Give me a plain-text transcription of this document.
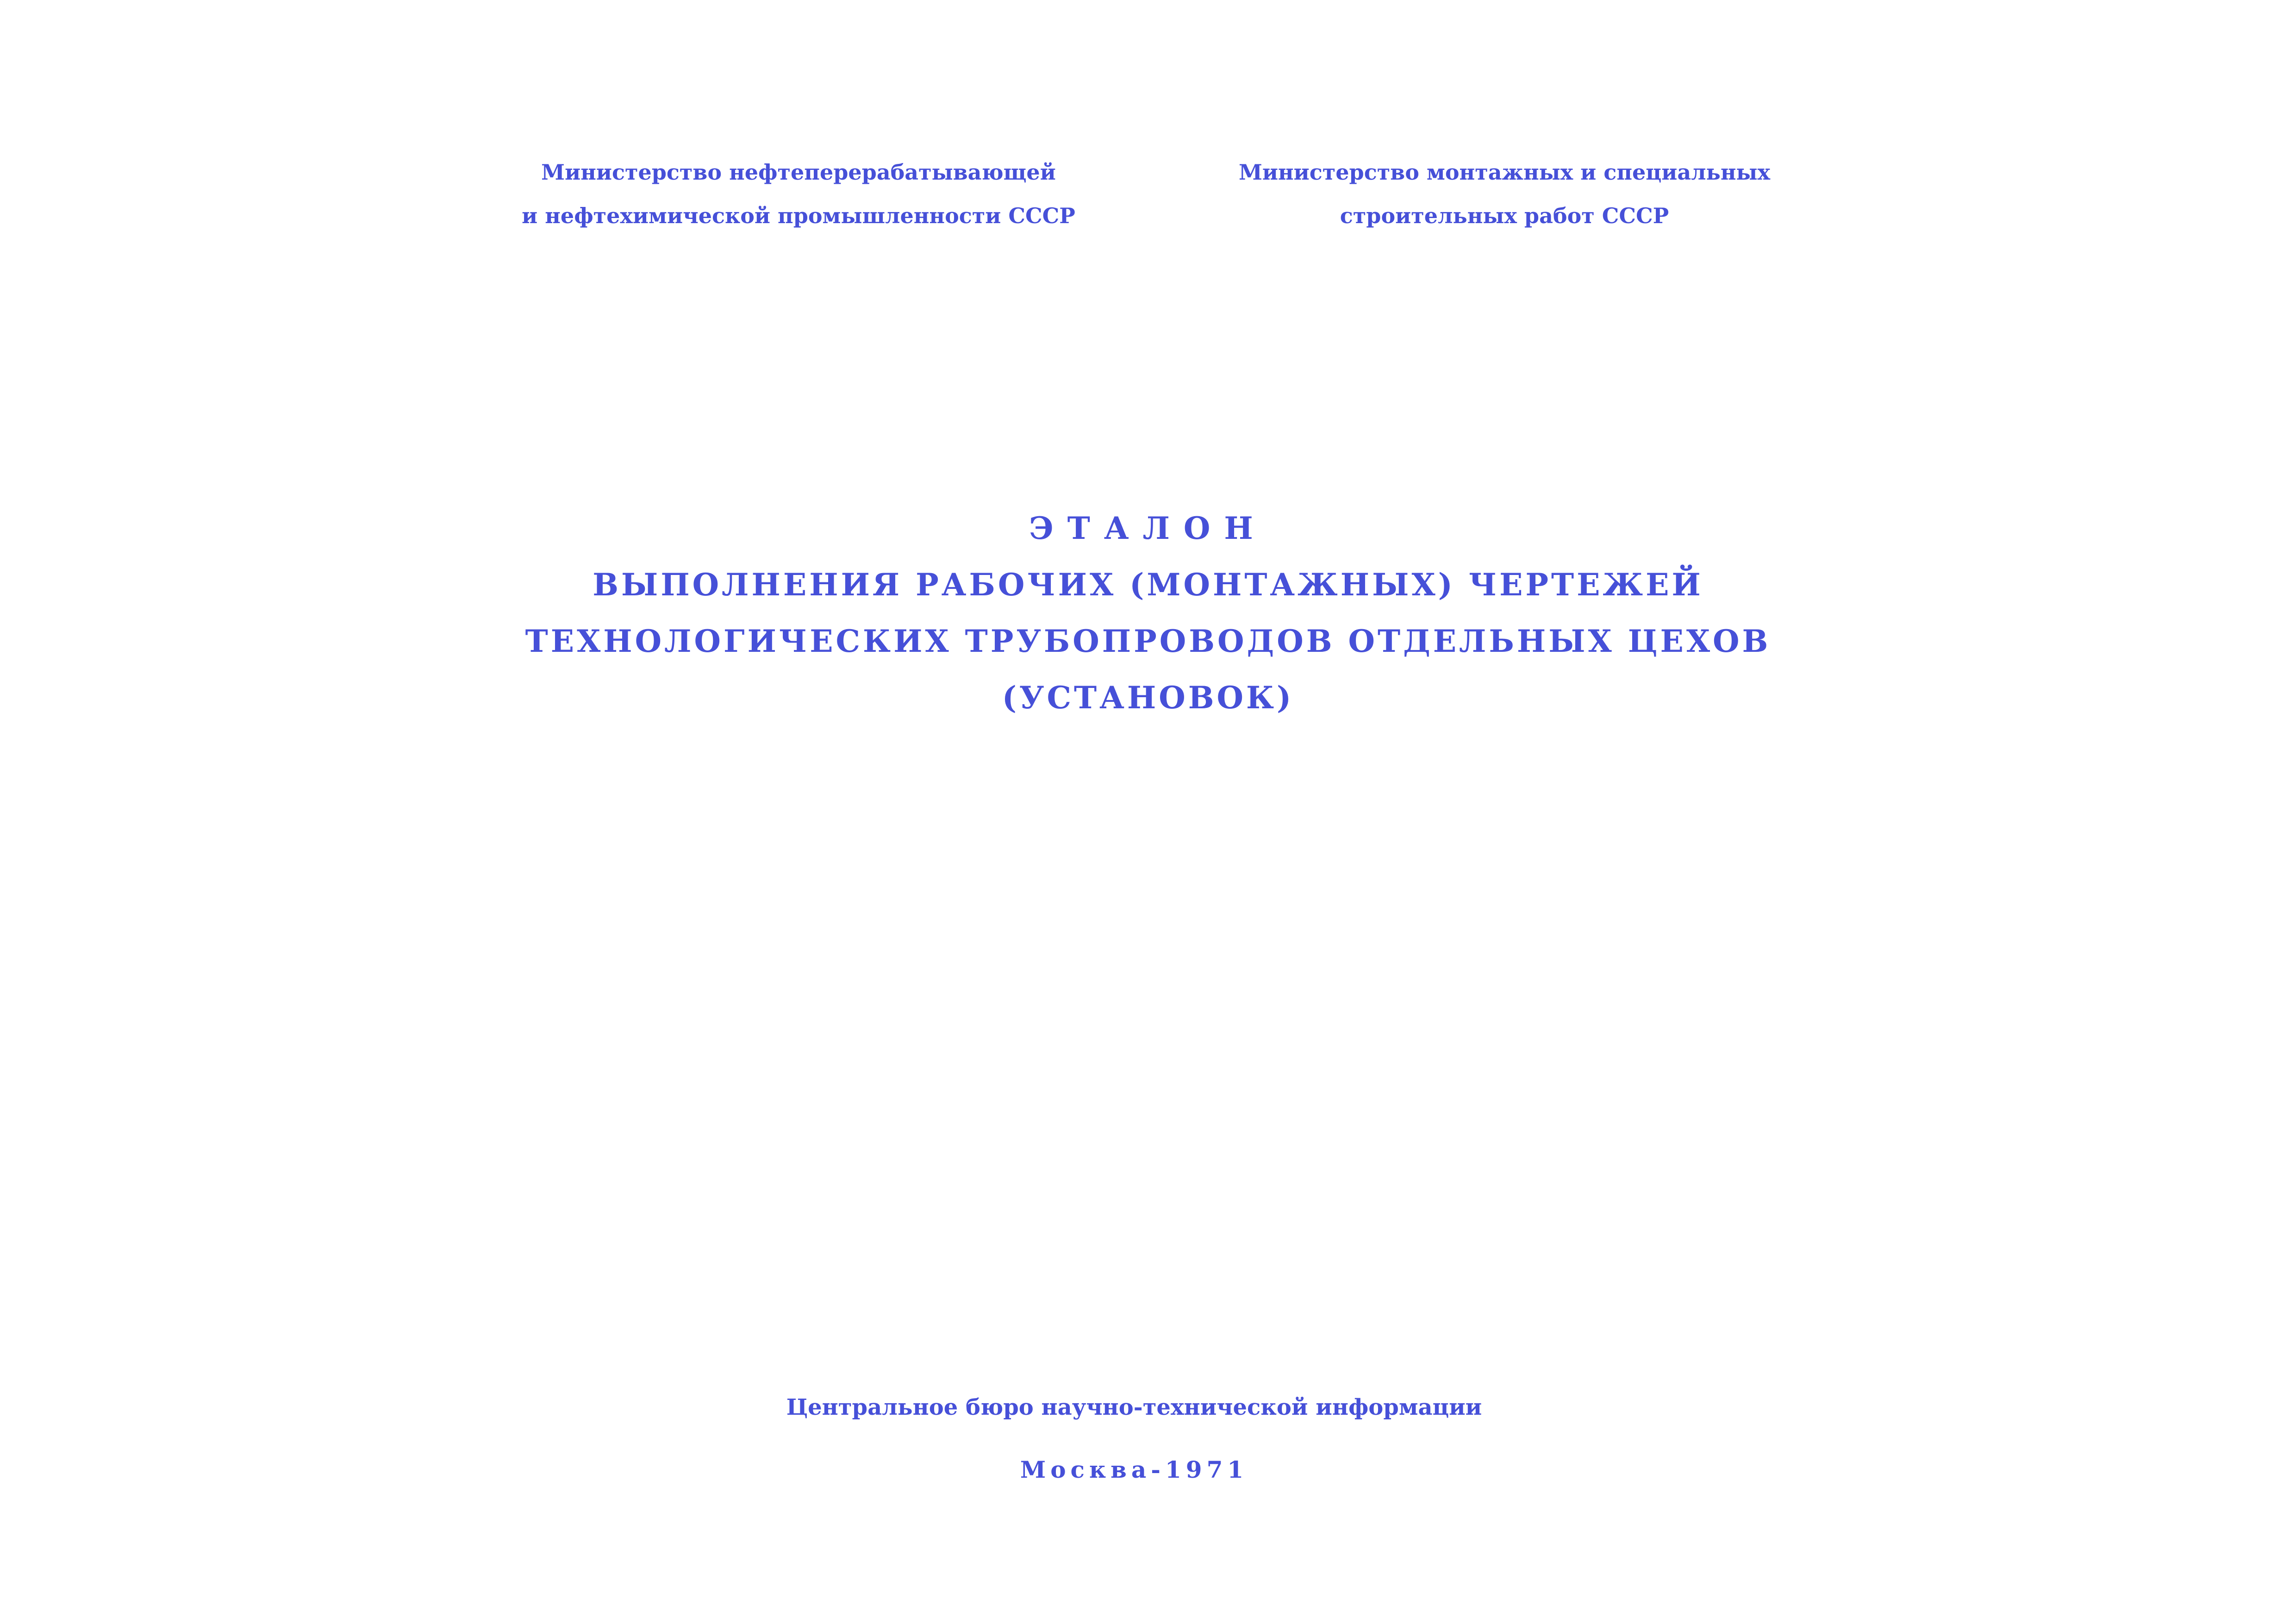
Министерство нефтеперерабатывающей
и нефтехимической промышленности СССР
Министерство монтажных и специальных
строительных работ СССР
ЭТАЛОН
ВЫПОЛНЕНИЯ РАБОЧИХ (МОНТАЖНЫХ) ЧЕРТЕЖЕЙ
ТЕХНОЛОГИЧЕСКИХ ТРУБОПРОВОДОВ ОТДЕЛЬНЫХ ЦЕХОВ
(УСТАНОВОК)
Центральное бюро научно-технической информации
Москва-1971
